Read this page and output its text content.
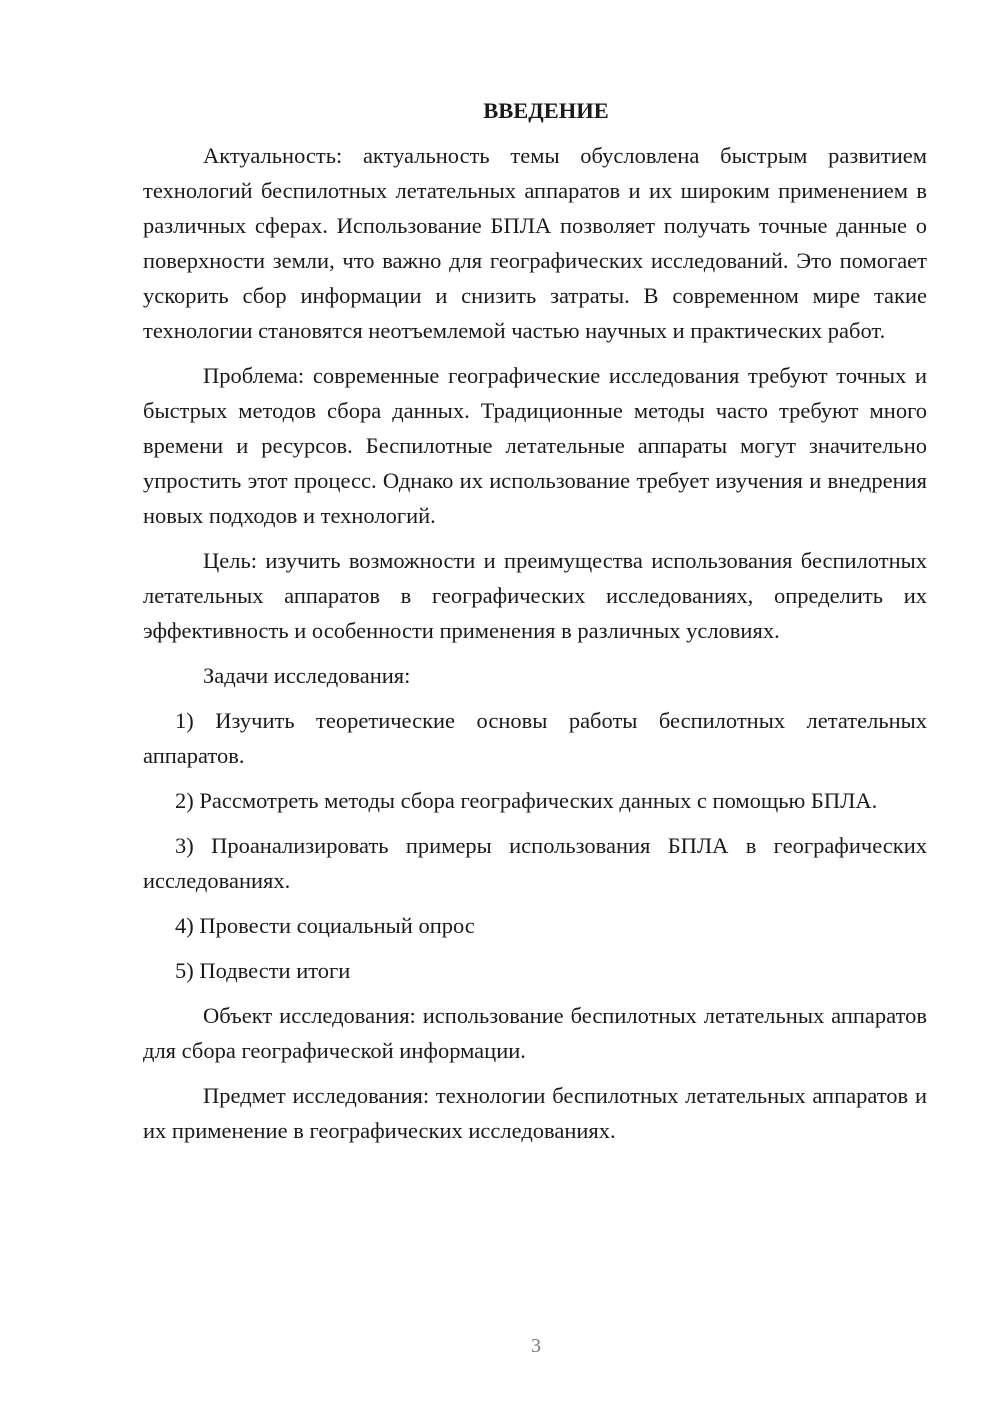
ВВЕДЕНИЕ

Актуальность: актуальность темы обусловлена быстрым развитием технологий беспилотных летательных аппаратов и их широким применением в различных сферах. Использование БПЛА позволяет получать точные данные о поверхности земли, что важно для географических исследований. Это помогает ускорить сбор информации и снизить затраты. В современном мире такие технологии становятся неотъемлемой частью научных и практических работ.

Проблема: современные географические исследования требуют точных и быстрых методов сбора данных. Традиционные методы часто требуют много времени и ресурсов. Беспилотные летательные аппараты могут значительно упростить этот процесс. Однако их использование требует изучения и внедрения новых подходов и технологий.

Цель: изучить возможности и преимущества использования беспилотных летательных аппаратов в географических исследованиях, определить их эффективность и особенности применения в различных условиях.

Задачи исследования:

1) Изучить теоретические основы работы беспилотных летательных аппаратов.

2) Рассмотреть методы сбора географических данных с помощью БПЛА.

3) Проанализировать примеры использования БПЛА в географических исследованиях.

4) Провести социальный опрос

5) Подвести итоги

Объект исследования: использование беспилотных летательных аппаратов для сбора географической информации.

Предмет исследования: технологии беспилотных летательных аппаратов и их применение в географических исследованиях.

3
